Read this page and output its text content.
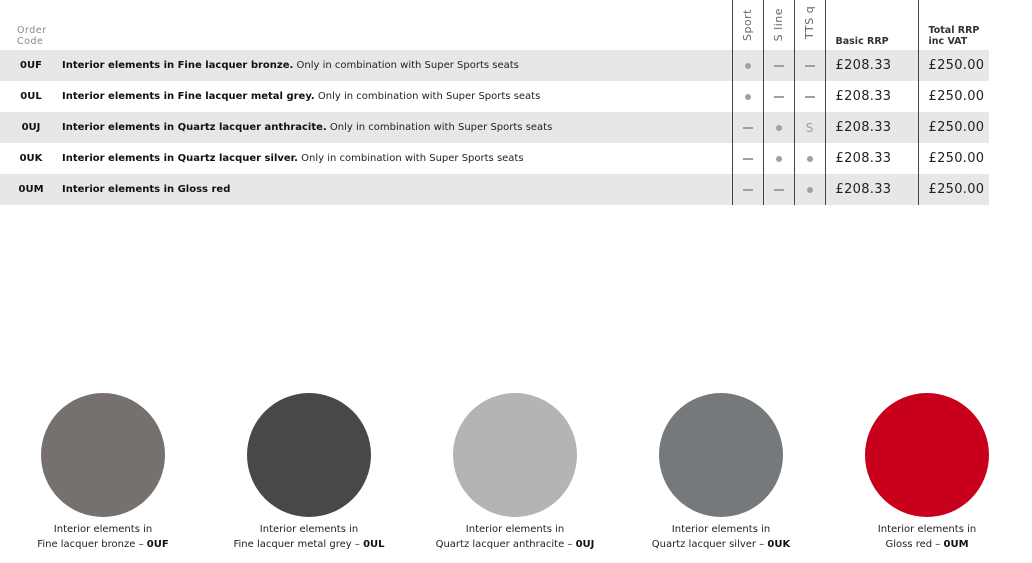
Order
Code		Sport	S line	TTS q	Basic RRP	Total RRP
inc VAT
0UF	Interior elements in Fine lacquer bronze. Only in combination with Super Sports seats				£208.33	£250.00
0UL	Interior elements in Fine lacquer metal grey. Only in combination with Super Sports seats				£208.33	£250.00
0UJ	Interior elements in Quartz lacquer anthracite. Only in combination with Super Sports seats			S	£208.33	£250.00
0UK	Interior elements in Quartz lacquer silver. Only in combination with Super Sports seats				£208.33	£250.00
0UM	Interior elements in Gloss red				£208.33	£250.00
Interior elements in
Fine lacquer bronze – 0UF
Interior elements in
Fine lacquer metal grey – 0UL
Interior elements in
Quartz lacquer anthracite – 0UJ
Interior elements in
Quartz lacquer silver – 0UK
Interior elements in
Gloss red – 0UM
